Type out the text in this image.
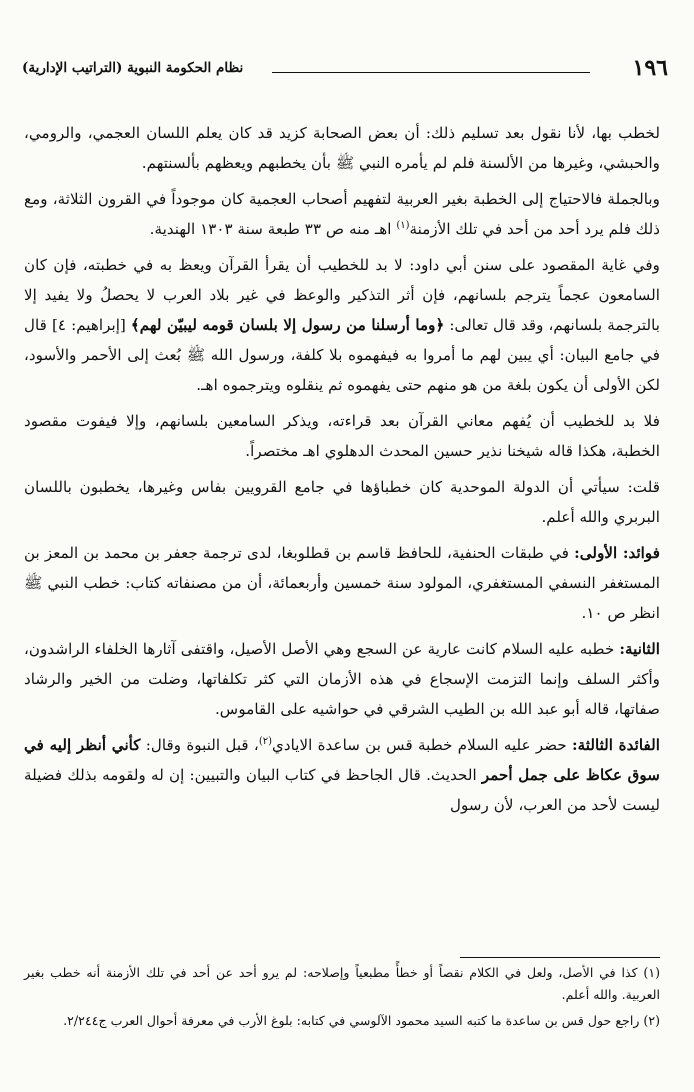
١٩٦
نظام الحكومة النبوية (التراتيب الإدارية)

لخطب بها، لأنا نقول بعد تسليم ذلك: أن بعض الصحابة كزيد قد كان يعلم اللسان العجمي، والرومي، والحبشي، وغيرها من الألسنة فلم لم يأمره النبي ﷺ بأن يخطبهم ويعظهم بألسنتهم.

وبالجملة فالاحتياج إلى الخطبة بغير العربية لتفهيم أصحاب العجمية كان موجوداً في القرون الثلاثة، ومع ذلك فلم يرد أحد من أحد في تلك الأزمنة$^{(١)}$ اهـ منه ص ٣٣ طبعة سنة ١٣٠٣ الهندية.

وفي غاية المقصود على سنن أبي داود: لا بد للخطيب أن يقرأ القرآن ويعظ به في خطبته، فإن كان السامعون عجماً يترجم بلسانهم، فإن أثر التذكير والوعظ في غير بلاد العرب لا يحصلُ ولا يفيد إلا بالترجمة بلسانهم، وقد قال تعالى: ﴿وما أرسلنا من رسول إلا بلسان قومه ليبيّن لهم﴾ [إبراهيم: ٤] قال في جامع البيان: أي يبين لهم ما أمروا به فيفهموه بلا كلفة، ورسول الله ﷺ بُعث إلى الأحمر والأسود، لكن الأولى أن يكون بلغة من هو منهم حتى يفهموه ثم ينقلوه ويترجموه اهـ.

فلا بد للخطيب أن يُفهم معاني القرآن بعد قراءته، ويذكر السامعين بلسانهم، وإلا فيفوت مقصود الخطبة، هكذا قاله شيخنا نذير حسين المحدث الدهلوي اهـ مختصراً.

قلت: سيأتي أن الدولة الموحدية كان خطباؤها في جامع القرويين بفاس وغيرها، يخطبون باللسان البربري والله أعلم.

فوائد: الأولى: في طبقات الحنفية، للحافظ قاسم بن قطلوبغا، لدى ترجمة جعفر بن محمد بن المعز بن المستغفر النسفي المستغفري، المولود سنة خمسين وأربعمائة، أن من مصنفاته كتاب: خطب النبي ﷺ انظر ص ١٠.

الثانية: خطبه عليه السلام كانت عارية عن السجع وهي الأصل الأصيل، واقتفى آثارها الخلفاء الراشدون، وأكثر السلف وإنما التزمت الإسجاع في هذه الأزمان التي كثر تكلفاتها، وضلت من الخير والرشاد صفاتها، قاله أبو عبد الله بن الطيب الشرقي في حواشيه على القاموس.

الفائدة الثالثة: حضر عليه السلام خطبة قس بن ساعدة الايادي$^{(٢)}$، قبل النبوة وقال: كأني أنظر إليه في سوق عكاظ على جمل أحمر الحديث. قال الجاحظ في كتاب البيان والتبيين: إن له ولقومه بذلك فضيلة ليست لأحد من العرب، لأن رسول

(١) كذا في الأصل، ولعل في الكلام نقصاً أو خطأً مطبعياً وإصلاحه: لم يرو أحد عن أحد في تلك الأزمنة أنه خطب بغير العربية. والله أعلم.

(٢) راجع حول قس بن ساعدة ما كتبه السيد محمود الآلوسي في كتابه: بلوغ الأرب في معرفة أحوال العرب ج٢/٢٤٤.
